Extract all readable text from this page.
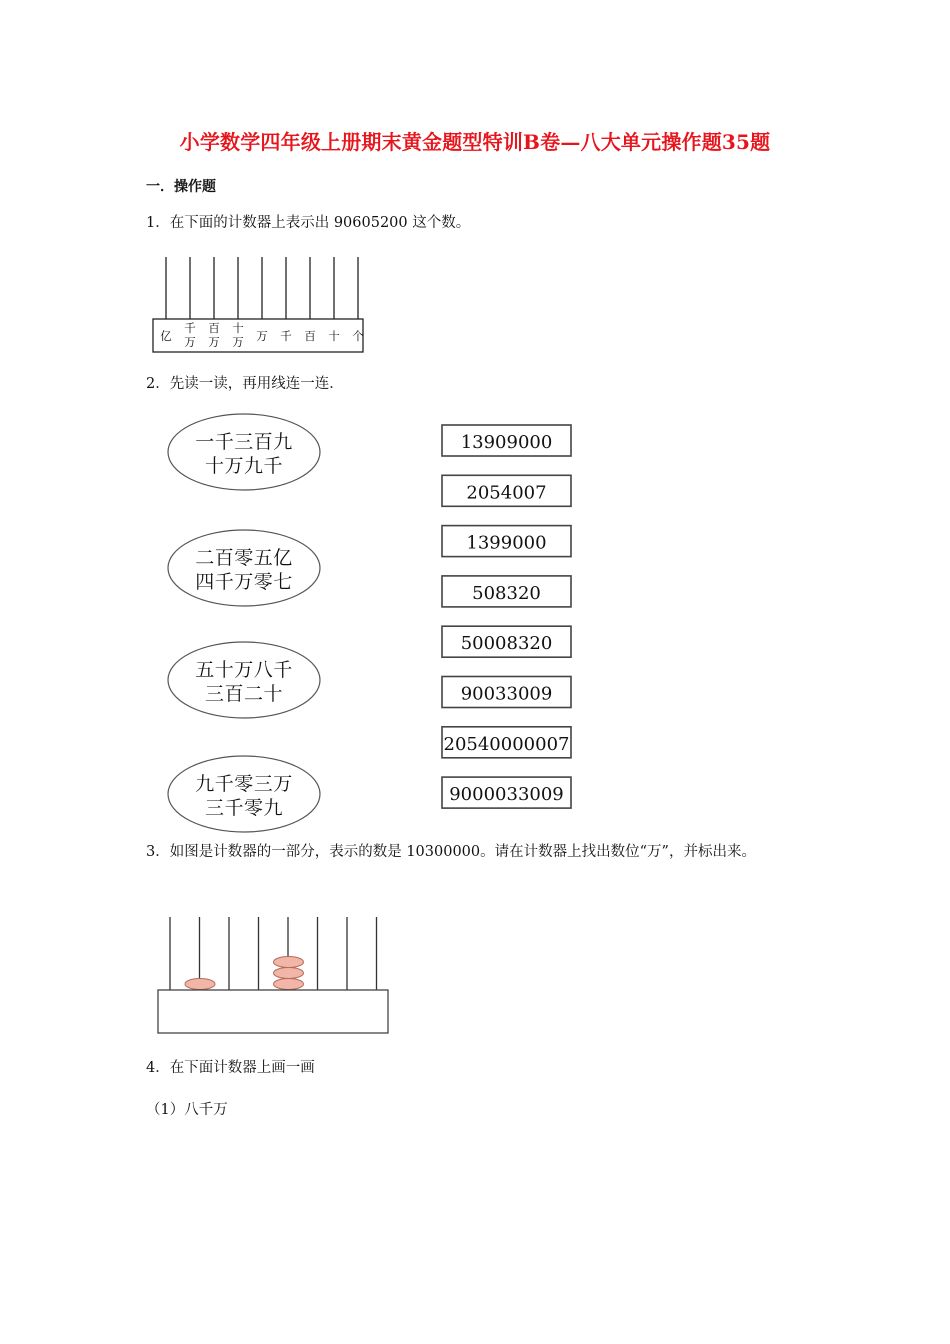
小学数学四年级上册期末黄金题型特训B卷—八大单元操作题35题
一．操作题
1．在下面的计数器上表示出 90605200 这个数。
亿
千
万
百
万
十
万 万 千 百 十 个
2．先读一读，再用线连一连．
一千三百九
十万九千
二百零五亿
四千万零七
五十万八千
三百二十
九千零三万
三千零九
13909000
2054007
1399000
508320
50008320
90033009
20540000007
9000033009
3．如图是计数器的一部分，表示的数是 10300000。请在计数器上找出数位“万”，并标出来。
4．在下面计数器上画一画
（1）八千万
